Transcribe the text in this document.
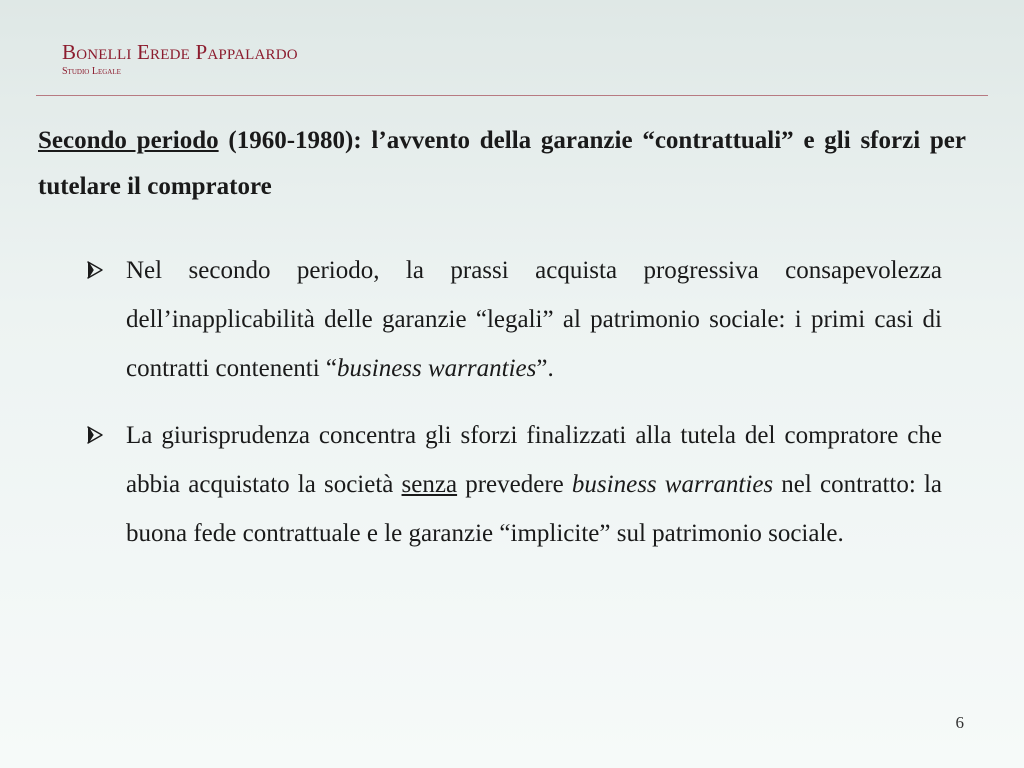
Bonelli Erede Pappalardo
Studio Legale
Secondo periodo (1960-1980): l’avvento della garanzie “contrattuali” e gli sforzi per tutelare il compratore
Nel secondo periodo, la prassi acquista progressiva consapevolezza dell’inapplicabilità delle garanzie “legali” al patrimonio sociale: i primi casi di contratti contenenti “business warranties”.
La giurisprudenza concentra gli sforzi finalizzati alla tutela del compratore che abbia acquistato la società senza prevedere business warranties nel contratto: la buona fede contrattuale e le garanzie “implicite” sul patrimonio sociale.
6
